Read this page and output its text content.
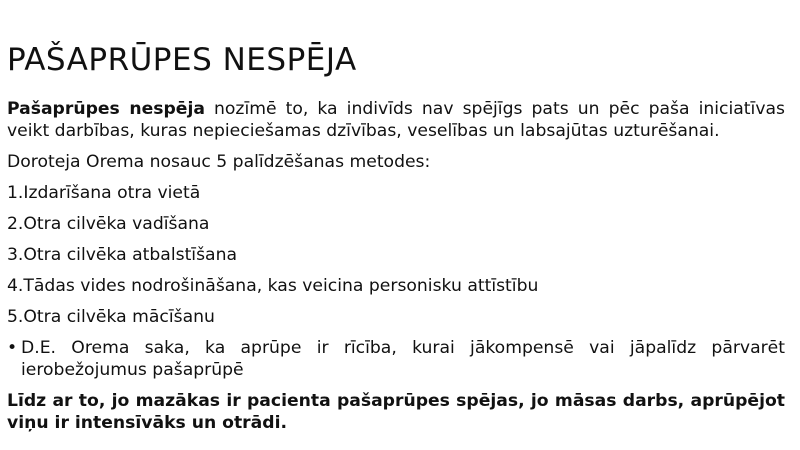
PAŠAPRŪPES NESPĒJA

Pašaprūpes nespēja nozīmē to, ka indivīds nav spējīgs pats un pēc paša iniciatīvas veikt darbības, kuras nepieciešamas dzīvības, veselības un labsajūtas uzturēšanai.

Doroteja Orema nosauc 5 palīdzēšanas metodes:

1.Izdarīšana otra vietā

2.Otra cilvēka vadīšana

3.Otra cilvēka atbalstīšana

4.Tādas vides nodrošināšana, kas veicina personisku attīstību

5.Otra cilvēka mācīšanu

• D.E. Orema saka, ka aprūpe ir rīcība, kurai jākompensē vai jāpalīdz pārvarēt ierobežojumus pašaprūpē

Līdz ar to, jo mazākas ir pacienta pašaprūpes spējas, jo māsas darbs, aprūpējot viņu ir intensīvāks un otrādi.
